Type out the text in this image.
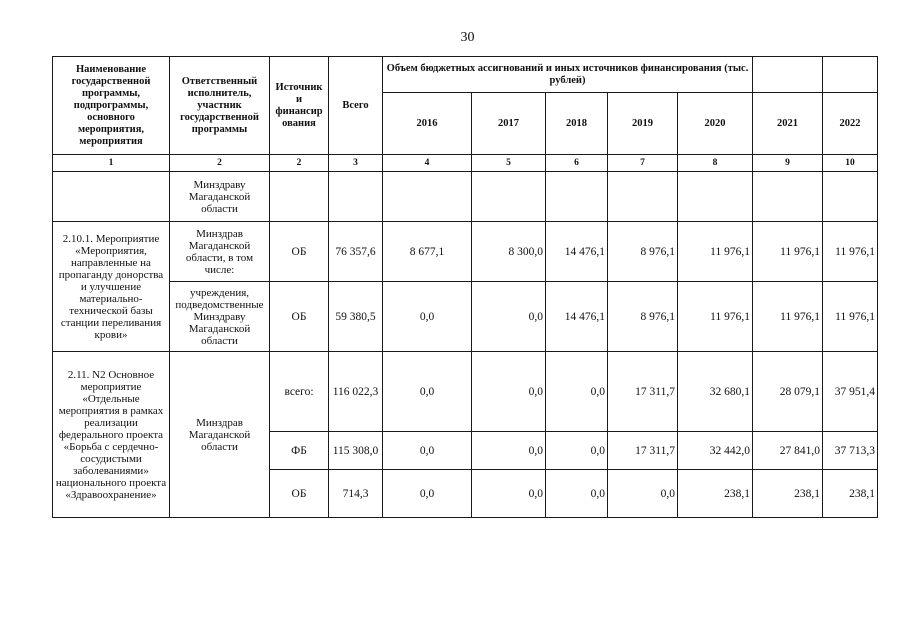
30
Наименование государственной программы, подпрограммы, основного мероприятия, мероприятия	Ответственный исполнитель, участник государственной программы	Источник и финансир ования	Всего	Объем бюджетных ассигнований и иных источников финансирования (тыс. рублей)						
				2016	2017	2018	2019	2020	2021	2022
1	2	2	3	4	5	6	7	8	9	10
	Минздраву Магаданской области									
2.10.1. Мероприятие «Мероприятия, направленные на пропаганду донорства и улучшение материально-технической базы станции переливания крови»	Минздрав Магаданской области, в том числе:	ОБ	76 357,6	8 677,1	8 300,0	14 476,1	8 976,1	11 976,1	11 976,1	11 976,1
	учреждения, подведомственные Минздраву Магаданской области	ОБ	59 380,5	0,0	0,0	14 476,1	8 976,1	11 976,1	11 976,1	11 976,1
2.11. N2 Основное мероприятие «Отдельные мероприятия в рамках реализации федерального проекта «Борьба с сердечно-сосудистыми заболеваниями» национального проекта «Здравоохранение»	Минздрав Магаданской области	всего:	116 022,3	0,0	0,0	0,0	17 311,7	32 680,1	28 079,1	37 951,4
		ФБ	115 308,0	0,0	0,0	0,0	17 311,7	32 442,0	27 841,0	37 713,3
		ОБ	714,3	0,0	0,0	0,0	0,0	238,1	238,1	238,1
